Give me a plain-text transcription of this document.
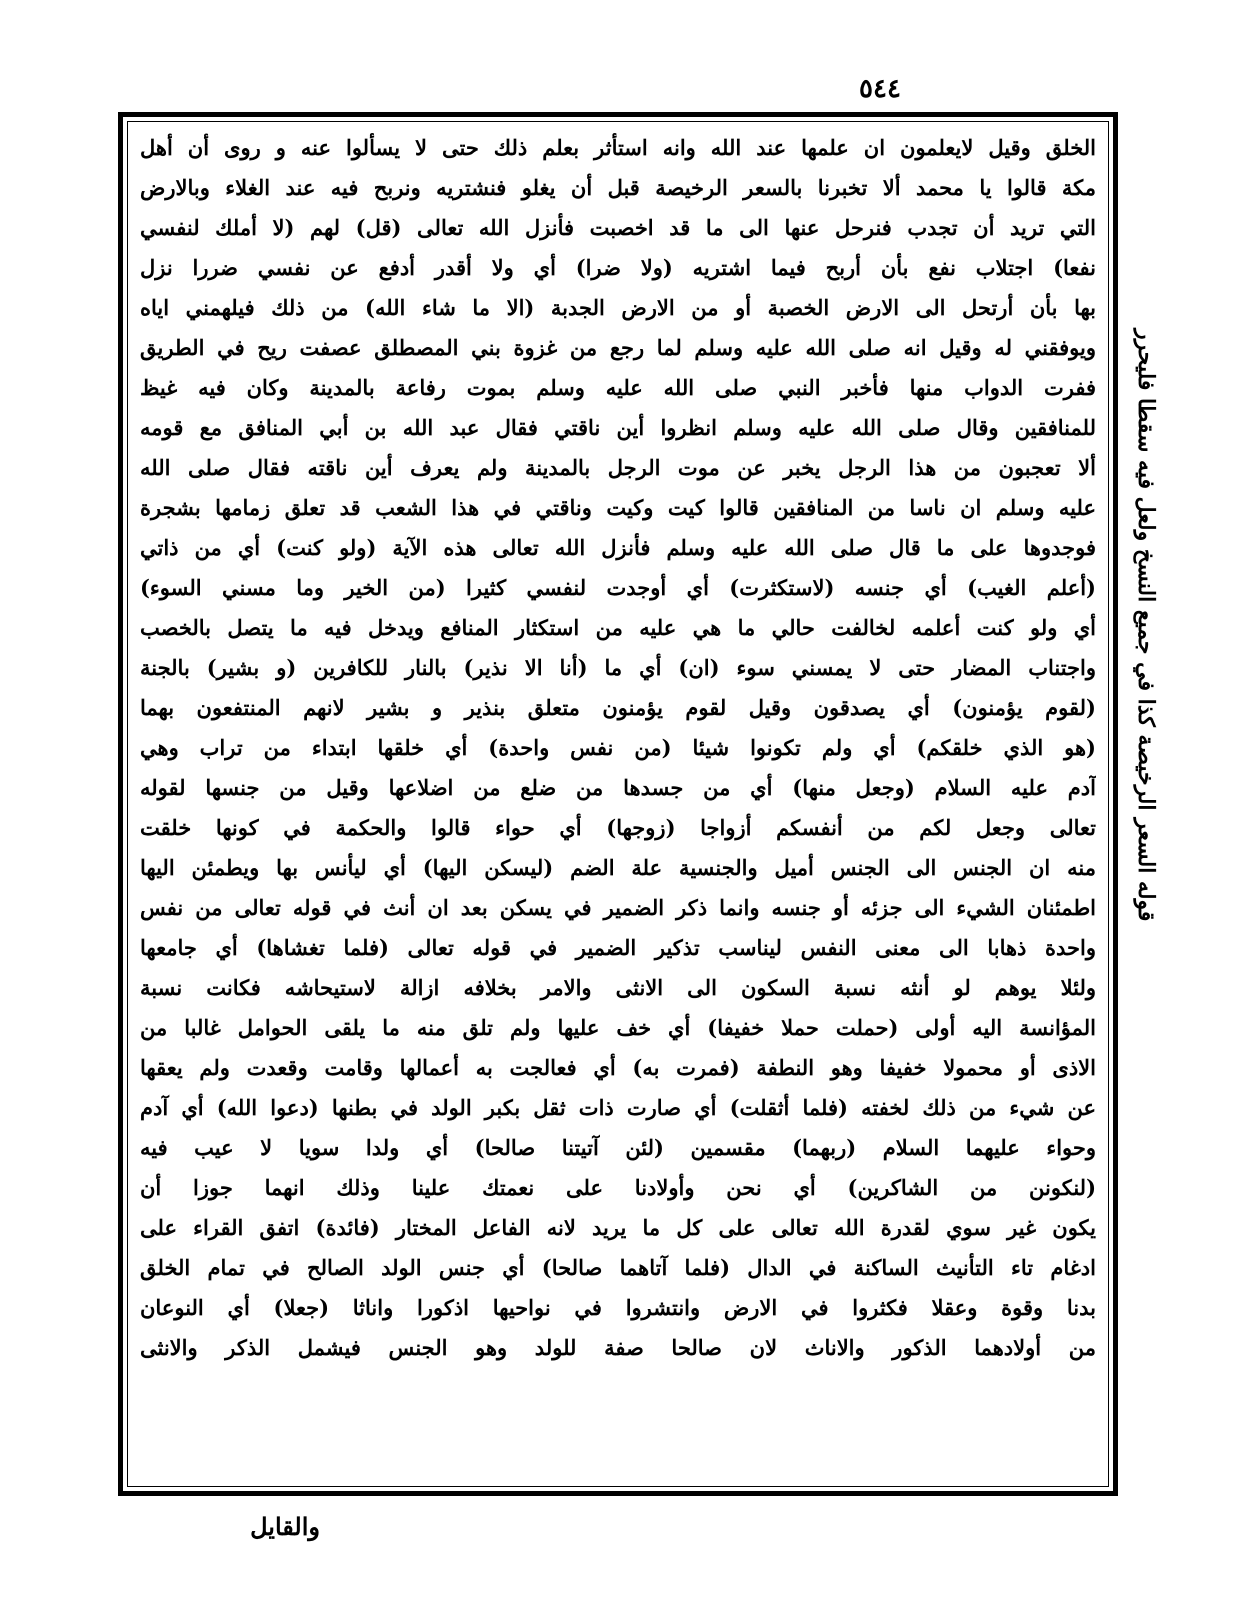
٥٤٤
الخلق وقيل لايعلمون ان علمها عند الله وانه استأثر بعلم ذلك حتى لا يسألوا عنه و روى أن أهل
مكة قالوا يا محمد ألا تخبرنا بالسعر الرخيصة قبل أن يغلو فنشتريه ونربح فيه عند الغلاء وبالارض
التي تريد أن تجدب فنرحل عنها الى ما قد اخصبت فأنزل الله تعالى (قل) لهم (لا أملك لنفسي
نفعا) اجتلاب نفع بأن أربح فيما اشتريه (ولا ضرا) أي ولا أقدر أدفع عن نفسي ضررا نزل
بها بأن أرتحل الى الارض الخصبة أو من الارض الجدبة (الا ما شاء الله) من ذلك فيلهمني اياه
ويوفقني له وقيل انه صلى الله عليه وسلم لما رجع من غزوة بني المصطلق عصفت ريح في الطريق
ففرت الدواب منها فأخبر النبي صلى الله عليه وسلم بموت رفاعة بالمدينة وكان فيه غيظ
للمنافقين وقال صلى الله عليه وسلم انظروا أين ناقتي فقال عبد الله بن أبي المنافق مع قومه
ألا تعجبون من هذا الرجل يخبر عن موت الرجل بالمدينة ولم يعرف أين ناقته فقال صلى الله
عليه وسلم ان ناسا من المنافقين قالوا كيت وكيت وناقتي في هذا الشعب قد تعلق زمامها بشجرة
فوجدوها على ما قال صلى الله عليه وسلم فأنزل الله تعالى هذه الآية (ولو كنت) أي من ذاتي
(أعلم الغيب) أي جنسه (لاستكثرت) أي أوجدت لنفسي كثيرا (من الخير وما مسني السوء)
أي ولو كنت أعلمه لخالفت حالي ما هي عليه من استكثار المنافع ويدخل فيه ما يتصل بالخصب
واجتناب المضار حتى لا يمسني سوء (ان) أي ما (أنا الا نذير) بالنار للكافرين (و بشير) بالجنة
(لقوم يؤمنون) أي يصدقون وقيل لقوم يؤمنون متعلق بنذير و بشير لانهم المنتفعون بهما
(هو الذي خلقكم) أي ولم تكونوا شيئا (من نفس واحدة) أي خلقها ابتداء من تراب وهي
آدم عليه السلام (وجعل منها) أي من جسدها من ضلع من اضلاعها وقيل من جنسها لقوله
تعالى وجعل لكم من أنفسكم أزواجا (زوجها) أي حواء قالوا والحكمة في كونها خلقت
منه ان الجنس الى الجنس أميل والجنسية علة الضم (ليسكن اليها) أي ليأنس بها ويطمئن اليها
اطمئنان الشيء الى جزئه أو جنسه وانما ذكر الضمير في يسكن بعد ان أنث في قوله تعالى من نفس
واحدة ذهابا الى معنى النفس ليناسب تذكير الضمير في قوله تعالى (فلما تغشاها) أي جامعها
ولئلا يوهم لو أنثه نسبة السكون الى الانثى والامر بخلافه ازالة لاستيحاشه فكانت نسبة
المؤانسة اليه أولى (حملت حملا خفيفا) أي خف عليها ولم تلق منه ما يلقى الحوامل غالبا من
الاذى أو محمولا خفيفا وهو النطفة (فمرت به) أي فعالجت به أعمالها وقامت وقعدت ولم يعقها
عن شيء من ذلك لخفته (فلما أثقلت) أي صارت ذات ثقل بكبر الولد في بطنها (دعوا الله) أي آدم
وحواء عليهما السلام (ربهما) مقسمين (لئن آتيتنا صالحا) أي ولدا سويا لا عيب فيه
(لنكونن من الشاكرين) أي نحن وأولادنا على نعمتك علينا وذلك انهما جوزا أن
يكون غير سوي لقدرة الله تعالى على كل ما يريد لانه الفاعل المختار (فائدة) اتفق القراء على
ادغام تاء التأنيث الساكنة في الدال (فلما آتاهما صالحا) أي جنس الولد الصالح في تمام الخلق
بدنا وقوة وعقلا فكثروا في الارض وانتشروا في نواحيها اذكورا واناثا (جعلا) أي النوعان
من أولادهما الذكور والاناث لان صالحا صفة للولد وهو الجنس فيشمل الذكر والانثى
قوله السعر الرخيصة كذا في جميع النسخ ولعل فيه سقطا فليحرر
والقايل
